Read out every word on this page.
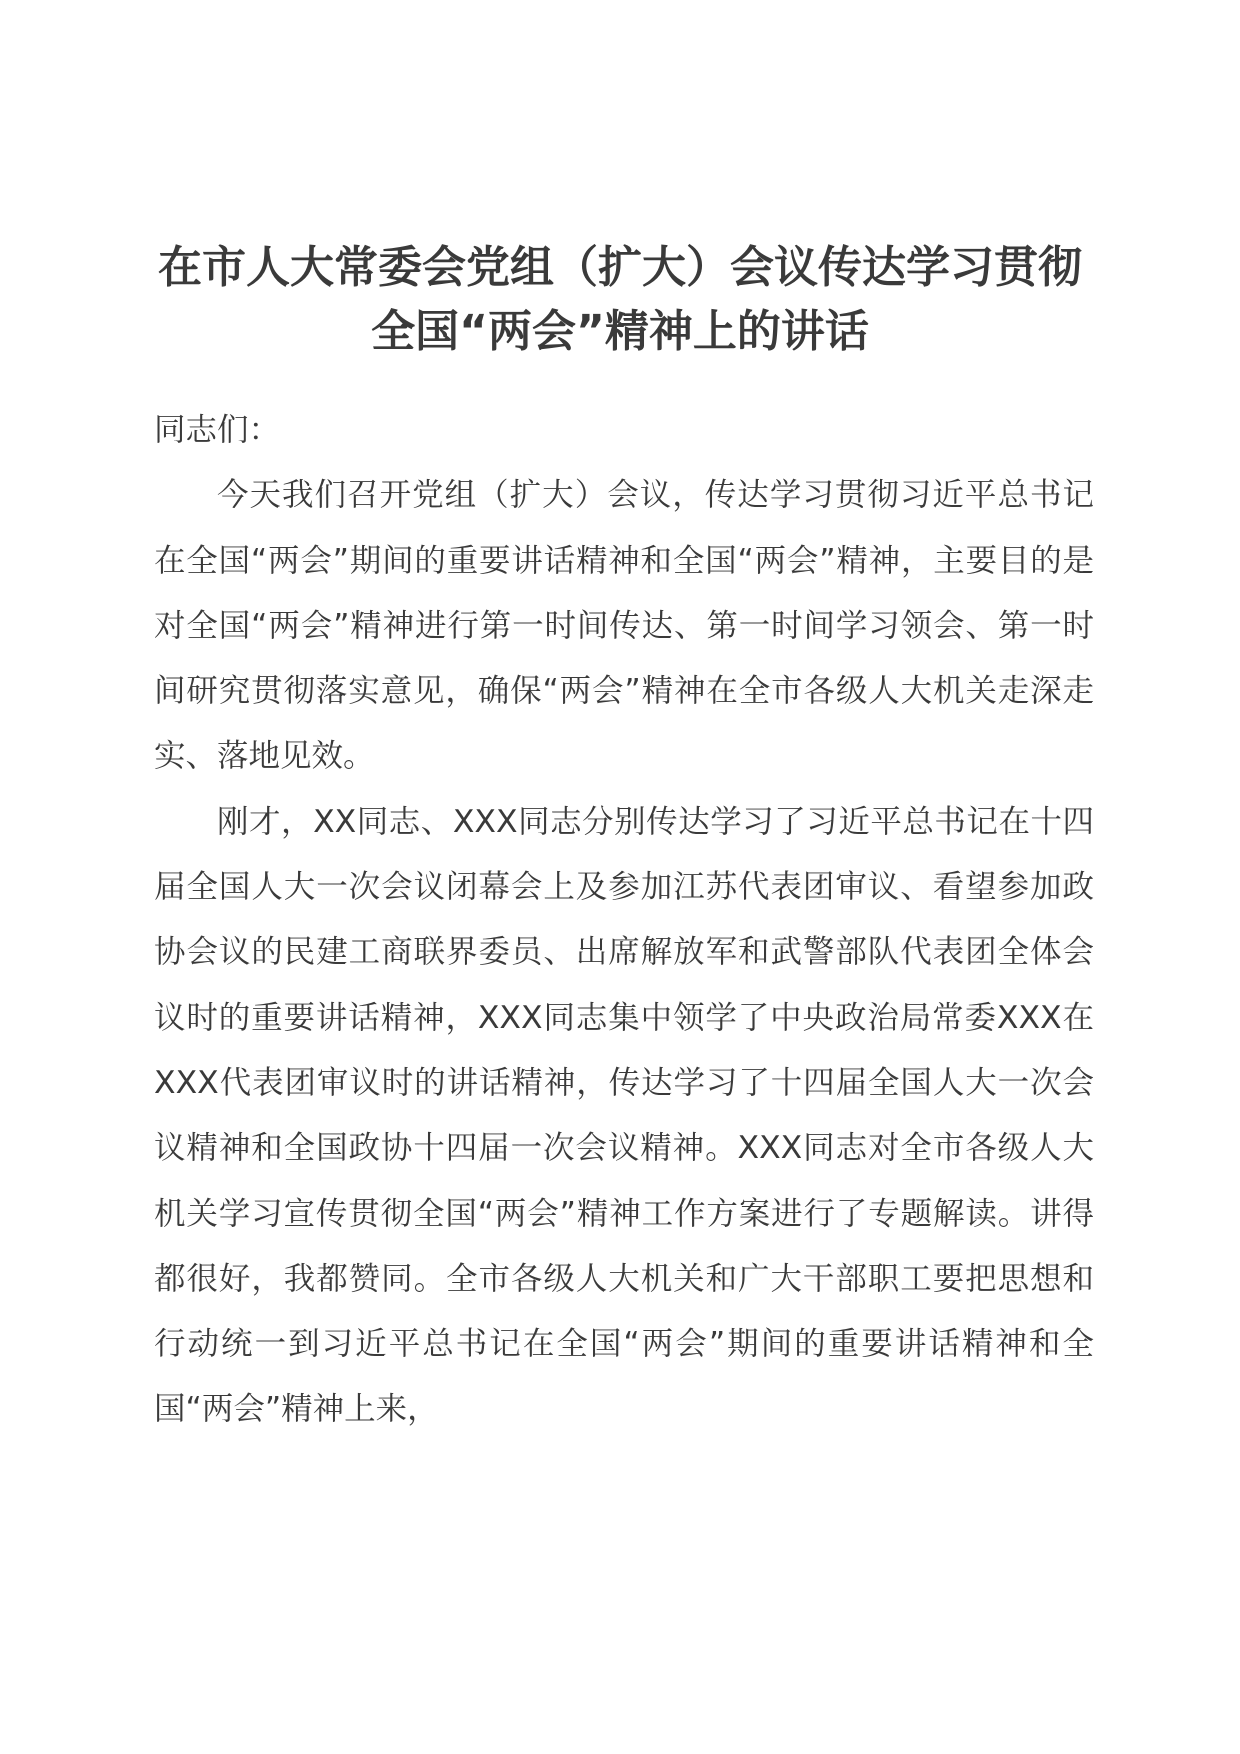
在市人大常委会党组（扩大）会议传达学习贯彻全国“两会”精神上的讲话

同志们：

今天我们召开党组（扩大）会议，传达学习贯彻习近平总书记在全国“两会”期间的重要讲话精神和全国“两会”精神，主要目的是对全国“两会”精神进行第一时间传达、第一时间学习领会、第一时间研究贯彻落实意见，确保“两会”精神在全市各级人大机关走深走实、落地见效。

刚才，XX同志、XXX同志分别传达学习了习近平总书记在十四届全国人大一次会议闭幕会上及参加江苏代表团审议、看望参加政协会议的民建工商联界委员、出席解放军和武警部队代表团全体会议时的重要讲话精神，XXX同志集中领学了中央政治局常委XXX在XXX代表团审议时的讲话精神，传达学习了十四届全国人大一次会议精神和全国政协十四届一次会议精神。XXX同志对全市各级人大机关学习宣传贯彻全国“两会”精神工作方案进行了专题解读。讲得都很好，我都赞同。全市各级人大机关和广大干部职工要把思想和行动统一到习近平总书记在全国“两会”期间的重要讲话精神和全国“两会”精神上来，
